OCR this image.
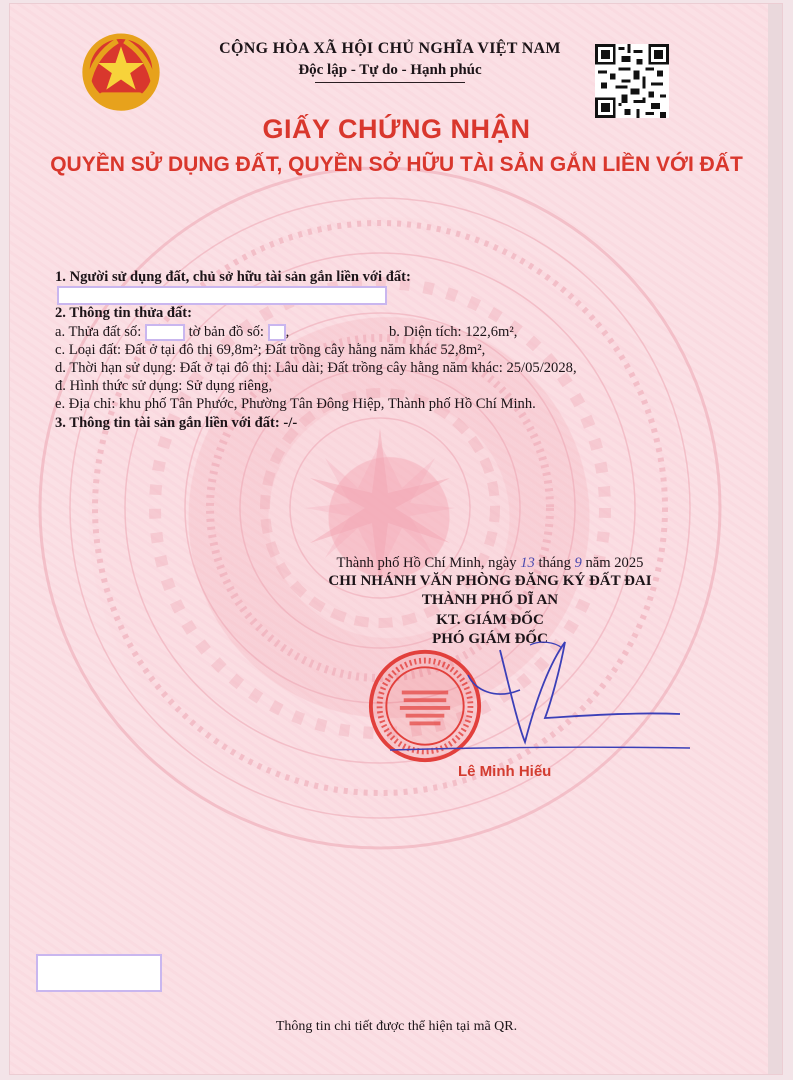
CỘNG HÒA XÃ HỘI CHỦ NGHĨA VIỆT NAM
Độc lập - Tự do - Hạnh phúc
GIẤY CHỨNG NHẬN
QUYỀN SỬ DỤNG ĐẤT, QUYỀN SỞ HỮU TÀI SẢN GẮN LIỀN VỚI ĐẤT
1. Người sử dụng đất, chủ sở hữu tài sản gắn liền với đất:
2. Thông tin thửa đất:
a. Thửa đất số:	tờ bản đồ số: ,	b. Diện tích: 122,6m²,
c. Loại đất: Đất ở tại đô thị 69,8m²; Đất trồng cây hằng năm khác 52,8m²,
d. Thời hạn sử dụng: Đất ở tại đô thị: Lâu dài; Đất trồng cây hằng năm khác: 25/05/2028,
đ. Hình thức sử dụng: Sử dụng riêng,
e. Địa chỉ: khu phố Tân Phước, Phường Tân Đông Hiệp, Thành phố Hồ Chí Minh.
3. Thông tin tài sản gắn liền với đất: -/-
Thành phố Hồ Chí Minh, ngày 13 tháng 9 năm 2025
CHI NHÁNH VĂN PHÒNG ĐĂNG KÝ ĐẤT ĐAI
THÀNH PHỐ DĨ AN
KT. GIÁM ĐỐC
PHÓ GIÁM ĐỐC
Lê Minh Hiếu
Thông tin chi tiết được thể hiện tại mã QR.
